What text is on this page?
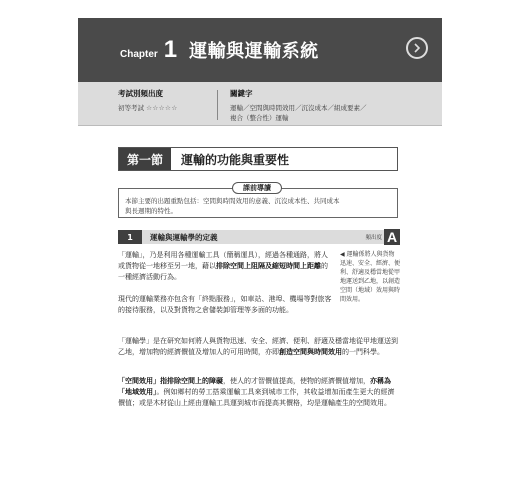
Chapter 1 運輸與運輸系統
考試別頻出度
初等考試 ☆☆☆☆☆
關鍵字
運輸／空間與時間效用／沉沒成本／組成要素／
複合（整合性）運輸
第一節	運輸的功能與重要性
課前導讀
本節主要的出題重點包括：空間與時間效用的意義、沉沒成本性、共同成本
與長週期的特性。
1	運輸與運輸學的定義	頻出度 A

「運輸」，乃是利用各種運輸工具（簡稱運具），經過各種通路，將人或貨物從一地移至另一地，藉以排除空間上阻隔及縮短時間上距離的一種經濟活動行為。

現代的運輸業務亦包含有「終點服務」，如車站、港埠、機場等對旅客的接待服務，以及對貨物之倉儲裝卸管理等多面的功能。

◀ 運輸係將人與貨物迅速、安全、經濟、便利、舒適及穩當地從甲地運送到乙地，以創造空間（地域）效用與時間效用。

「運輸學」是在研究如何將人與貨物迅速、安全、經濟、便利、舒適及穩當地從甲地運送到乙地，增加物的經濟價值及增加人的可用時間，亦即創造空間與時間效用的一門科學。

「空間效用」指排除空間上的障礙，使人的才智價值提高，使物的經濟價值增加，亦稱為「地域效用」。例如鄉村的勞工搭乘運輸工具來到城市工作，其收益增加而產生更大的經濟價值；或是木材從山上經由運輸工具運到城市而提高其價格，均是運輸產生的空間效用。
